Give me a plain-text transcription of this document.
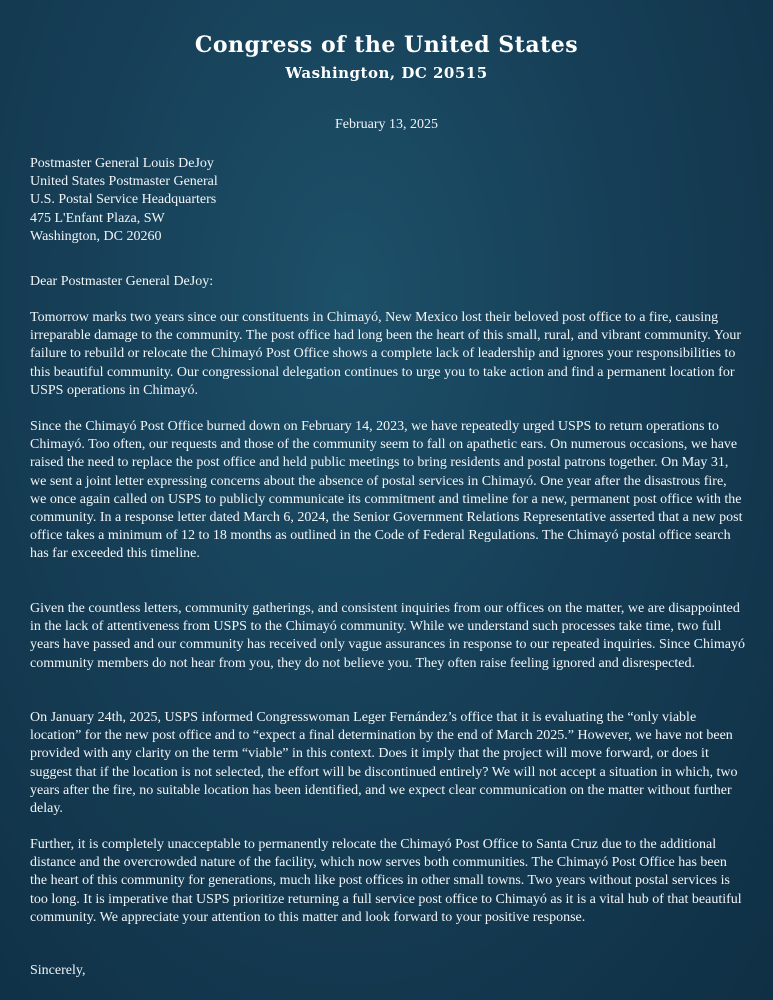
Congress of the United States
Washington, DC 20515
February 13, 2025
Postmaster General Louis DeJoy
United States Postmaster General
U.S. Postal Service Headquarters
475 L'Enfant Plaza, SW
Washington, DC 20260
Dear Postmaster General DeJoy:
Tomorrow marks two years since our constituents in Chimayó, New Mexico lost their beloved post office to a fire, causing irreparable damage to the community. The post office had long been the heart of this small, rural, and vibrant community. Your failure to rebuild or relocate the Chimayó Post Office shows a complete lack of leadership and ignores your responsibilities to this beautiful community. Our congressional delegation continues to urge you to take action and find a permanent location for USPS operations in Chimayó.
Since the Chimayó Post Office burned down on February 14, 2023, we have repeatedly urged USPS to return operations to Chimayó. Too often, our requests and those of the community seem to fall on apathetic ears. On numerous occasions, we have raised the need to replace the post office and held public meetings to bring residents and postal patrons together. On May 31, we sent a joint letter expressing concerns about the absence of postal services in Chimayó. One year after the disastrous fire, we once again called on USPS to publicly communicate its commitment and timeline for a new, permanent post office with the community. In a response letter dated March 6, 2024, the Senior Government Relations Representative asserted that a new post office takes a minimum of 12 to 18 months as outlined in the Code of Federal Regulations. The Chimayó postal office search has far exceeded this timeline.
Given the countless letters, community gatherings, and consistent inquiries from our offices on the matter, we are disappointed in the lack of attentiveness from USPS to the Chimayó community. While we understand such processes take time, two full years have passed and our community has received only vague assurances in response to our repeated inquiries. Since Chimayó community members do not hear from you, they do not believe you. They often raise feeling ignored and disrespected.
On January 24th, 2025, USPS informed Congresswoman Leger Fernández’s office that it is evaluating the “only viable location” for the new post office and to “expect a final determination by the end of March 2025.” However, we have not been provided with any clarity on the term “viable” in this context. Does it imply that the project will move forward, or does it suggest that if the location is not selected, the effort will be discontinued entirely? We will not accept a situation in which, two years after the fire, no suitable location has been identified, and we expect clear communication on the matter without further delay.
Further, it is completely unacceptable to permanently relocate the Chimayó Post Office to Santa Cruz due to the additional distance and the overcrowded nature of the facility, which now serves both communities. The Chimayó Post Office has been the heart of this community for generations, much like post offices in other small towns. Two years without postal services is too long. It is imperative that USPS prioritize returning a full service post office to Chimayó as it is a vital hub of that beautiful community. We appreciate your attention to this matter and look forward to your positive response.
Sincerely,
